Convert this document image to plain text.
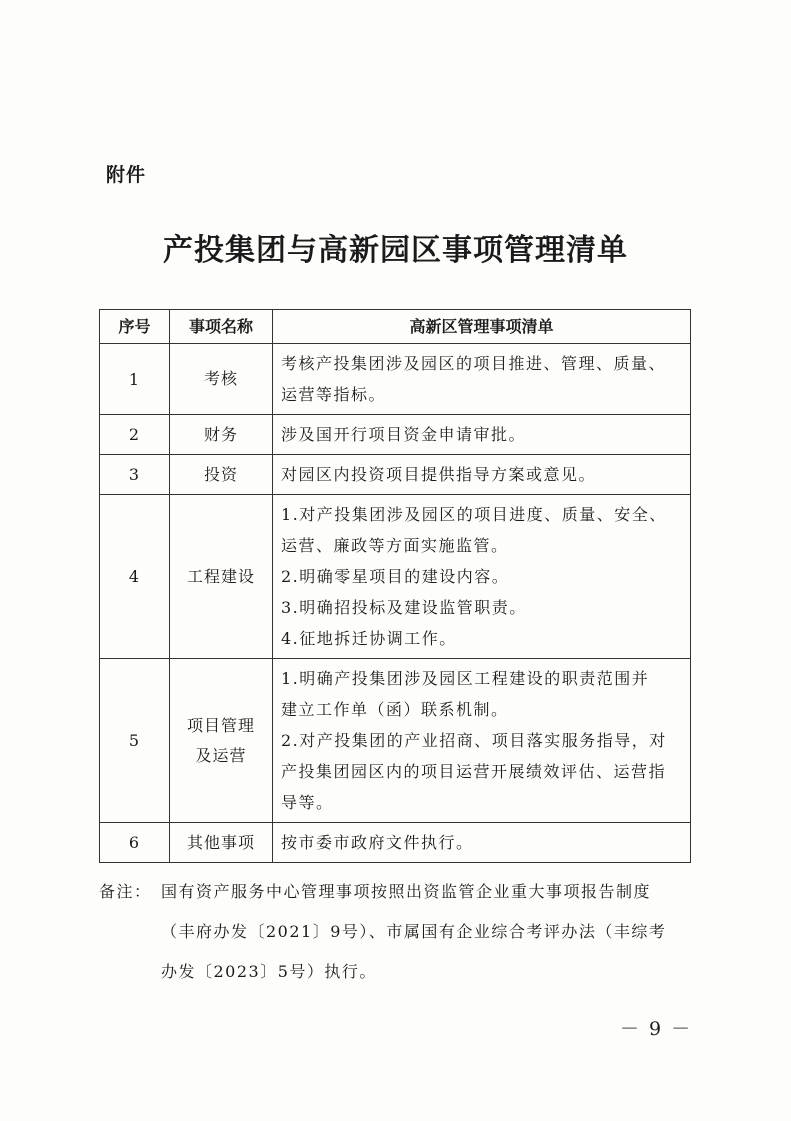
附件
产投集团与高新园区事项管理清单
序号	事项名称	高新区管理事项清单
1	考核	考核产投集团涉及园区的项目推进、管理、质量、
运营等指标。

2	财务	涉及国开行项目资金申请审批。

3	投资	对园区内投资项目提供指导方案或意见。

4	工程建设	1.对产投集团涉及园区的项目进度、质量、安全、
运营、廉政等方面实施监管。
2.明确零星项目的建设内容。
3.明确招投标及建设监管职责。
4.征地拆迁协调工作。

5	项目管理
及运营	1.明确产投集团涉及园区工程建设的职责范围并
建立工作单（函）联系机制。
2.对产投集团的产业招商、项目落实服务指导，对
产投集团园区内的项目运营开展绩效评估、运营指
导等。

6	其他事项	按市委市政府文件执行。
备注： 国有资产服务中心管理事项按照出资监管企业重大事项报告制度
（丰府办发〔2021〕9号）、市属国有企业综合考评办法（丰综考
办发〔2023〕5号）执行。
－ 9 －
